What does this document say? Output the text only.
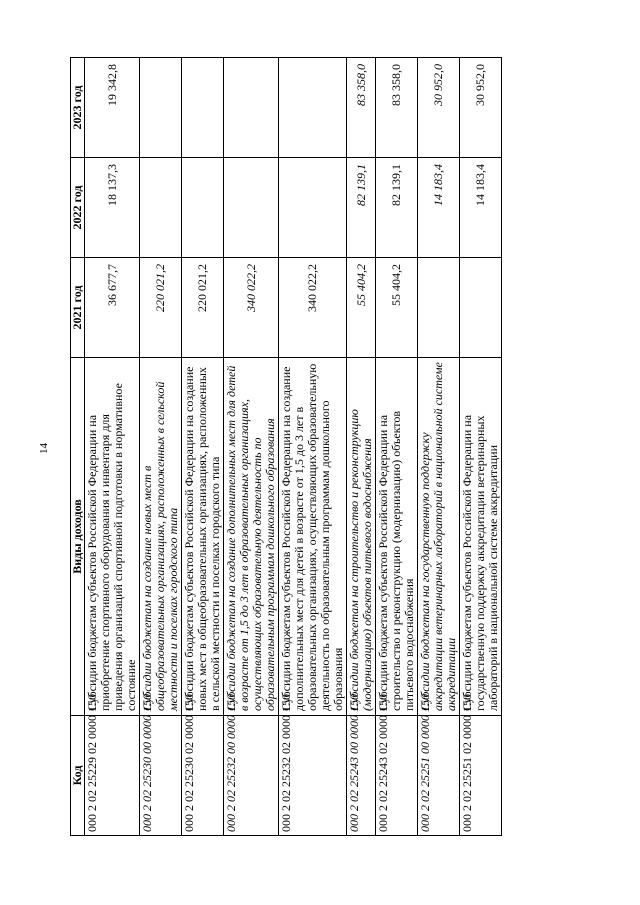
14
Код	Виды доходов	2021 год	2022 год	2023 год
000 2 02 25229 02 0000 150	Субсидии бюджетам субъектов Российской Федерации на приобретение спортивного оборудования и инвентаря для приведения организаций спортивной подготовки в нормативное состояние	36 677,7	18 137,3	19 342,8
000 2 02 25230 00 0000 150	Субсидии бюджетам на создание новых мест в общеобразовательных организациях, расположенных в сельской местности и поселках городского типа	220 021,2		
000 2 02 25230 02 0000 150	Субсидии бюджетам субъектов Российской Федерации на создание новых мест в общеобразовательных организациях, расположенных в сельской местности и поселках городского типа	220 021,2		
000 2 02 25232 00 0000 150	Субсидии бюджетам на создание дополнительных мест для детей в возрасте от 1,5 до 3 лет в образовательных организациях, осуществляющих образовательную деятельность по образовательным программам дошкольного образования	340 022,2		
000 2 02 25232 02 0000 150	Субсидии бюджетам субъектов Российской Федерации на создание дополнительных мест для детей в возрасте от 1,5 до 3 лет в образовательных организациях, осуществляющих образовательную деятельность по образовательным программам дошкольного образования	340 022,2		
000 2 02 25243 00 0000 150	Субсидии бюджетам на строительство и реконструкцию (модернизацию) объектов питьевого водоснабжения	55 404,2	82 139,1	83 358,0
000 2 02 25243 02 0000 150	Субсидии бюджетам субъектов Российской Федерации на строительство и реконструкцию (модернизацию) объектов питьевого водоснабжения	55 404,2	82 139,1	83 358,0
000 2 02 25251 00 0000 150	Субсидии бюджетам на государственную поддержку аккредитации ветеринарных лабораторий в национальной системе аккредитации		14 183,4	30 952,0
000 2 02 25251 02 0000 150	Субсидии бюджетам субъектов Российской Федерации на государственную поддержку аккредитации ветеринарных лабораторий в национальной системе аккредитации		14 183,4	30 952,0
